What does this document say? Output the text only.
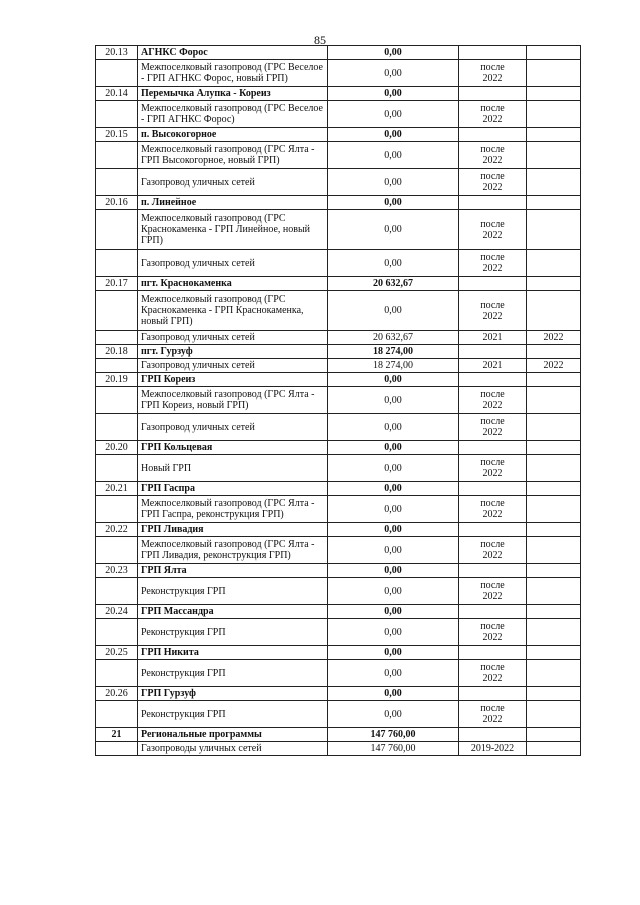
85
20.13	АГНКС Форос	0,00		
	Межпоселковый газопровод (ГРС Веселое - ГРП АГНКС Форос, новый ГРП)	0,00	после
2022	

20.14	Перемычка Алупка - Кореиз	0,00		
	Межпоселковый газопровод (ГРС Веселое - ГРП АГНКС Форос)	0,00	после
2022	

20.15	п. Высокогорное	0,00		
	Межпоселковый газопровод (ГРС Ялта - ГРП Высокогорное, новый ГРП)	0,00	после
2022	

	Газопровод уличных сетей	0,00	после
2022	

20.16	п. Линейное	0,00		
	Межпоселковый газопровод (ГРС Краснокаменка - ГРП Линейное, новый ГРП)	0,00	после
2022	

	Газопровод уличных сетей	0,00	после
2022	

20.17	пгт. Краснокаменка	20 632,67		
	Межпоселковый газопровод (ГРС Краснокаменка - ГРП Краснокаменка, новый ГРП)	0,00	после
2022	

	Газопровод уличных сетей	20 632,67	2021	2022
20.18	пгт. Гурзуф	18 274,00		
	Газопровод уличных сетей	18 274,00	2021	2022
20.19	ГРП Кореиз	0,00		
	Межпоселковый газопровод (ГРС Ялта - ГРП Кореиз, новый ГРП)	0,00	после
2022	

	Газопровод уличных сетей	0,00	после
2022	

20.20	ГРП Кольцевая	0,00		
	Новый ГРП	0,00	после
2022	

20.21	ГРП Гаспра	0,00		
	Межпоселковый газопровод (ГРС Ялта - ГРП Гаспра, реконструкция ГРП)	0,00	после
2022	

20.22	ГРП Ливадия	0,00		
	Межпоселковый газопровод (ГРС Ялта - ГРП Ливадия, реконструкция ГРП)	0,00	после
2022	

20.23	ГРП Ялта	0,00		
	Реконструкция ГРП	0,00	после
2022	

20.24	ГРП Массандра	0,00		
	Реконструкция ГРП	0,00	после
2022	

20.25	ГРП Никита	0,00		
	Реконструкция ГРП	0,00	после
2022	

20.26	ГРП Гурзуф	0,00		
	Реконструкция ГРП	0,00	после
2022	

21	Региональные программы	147 760,00		
	Газопроводы уличных сетей	147 760,00	2019-2022	
